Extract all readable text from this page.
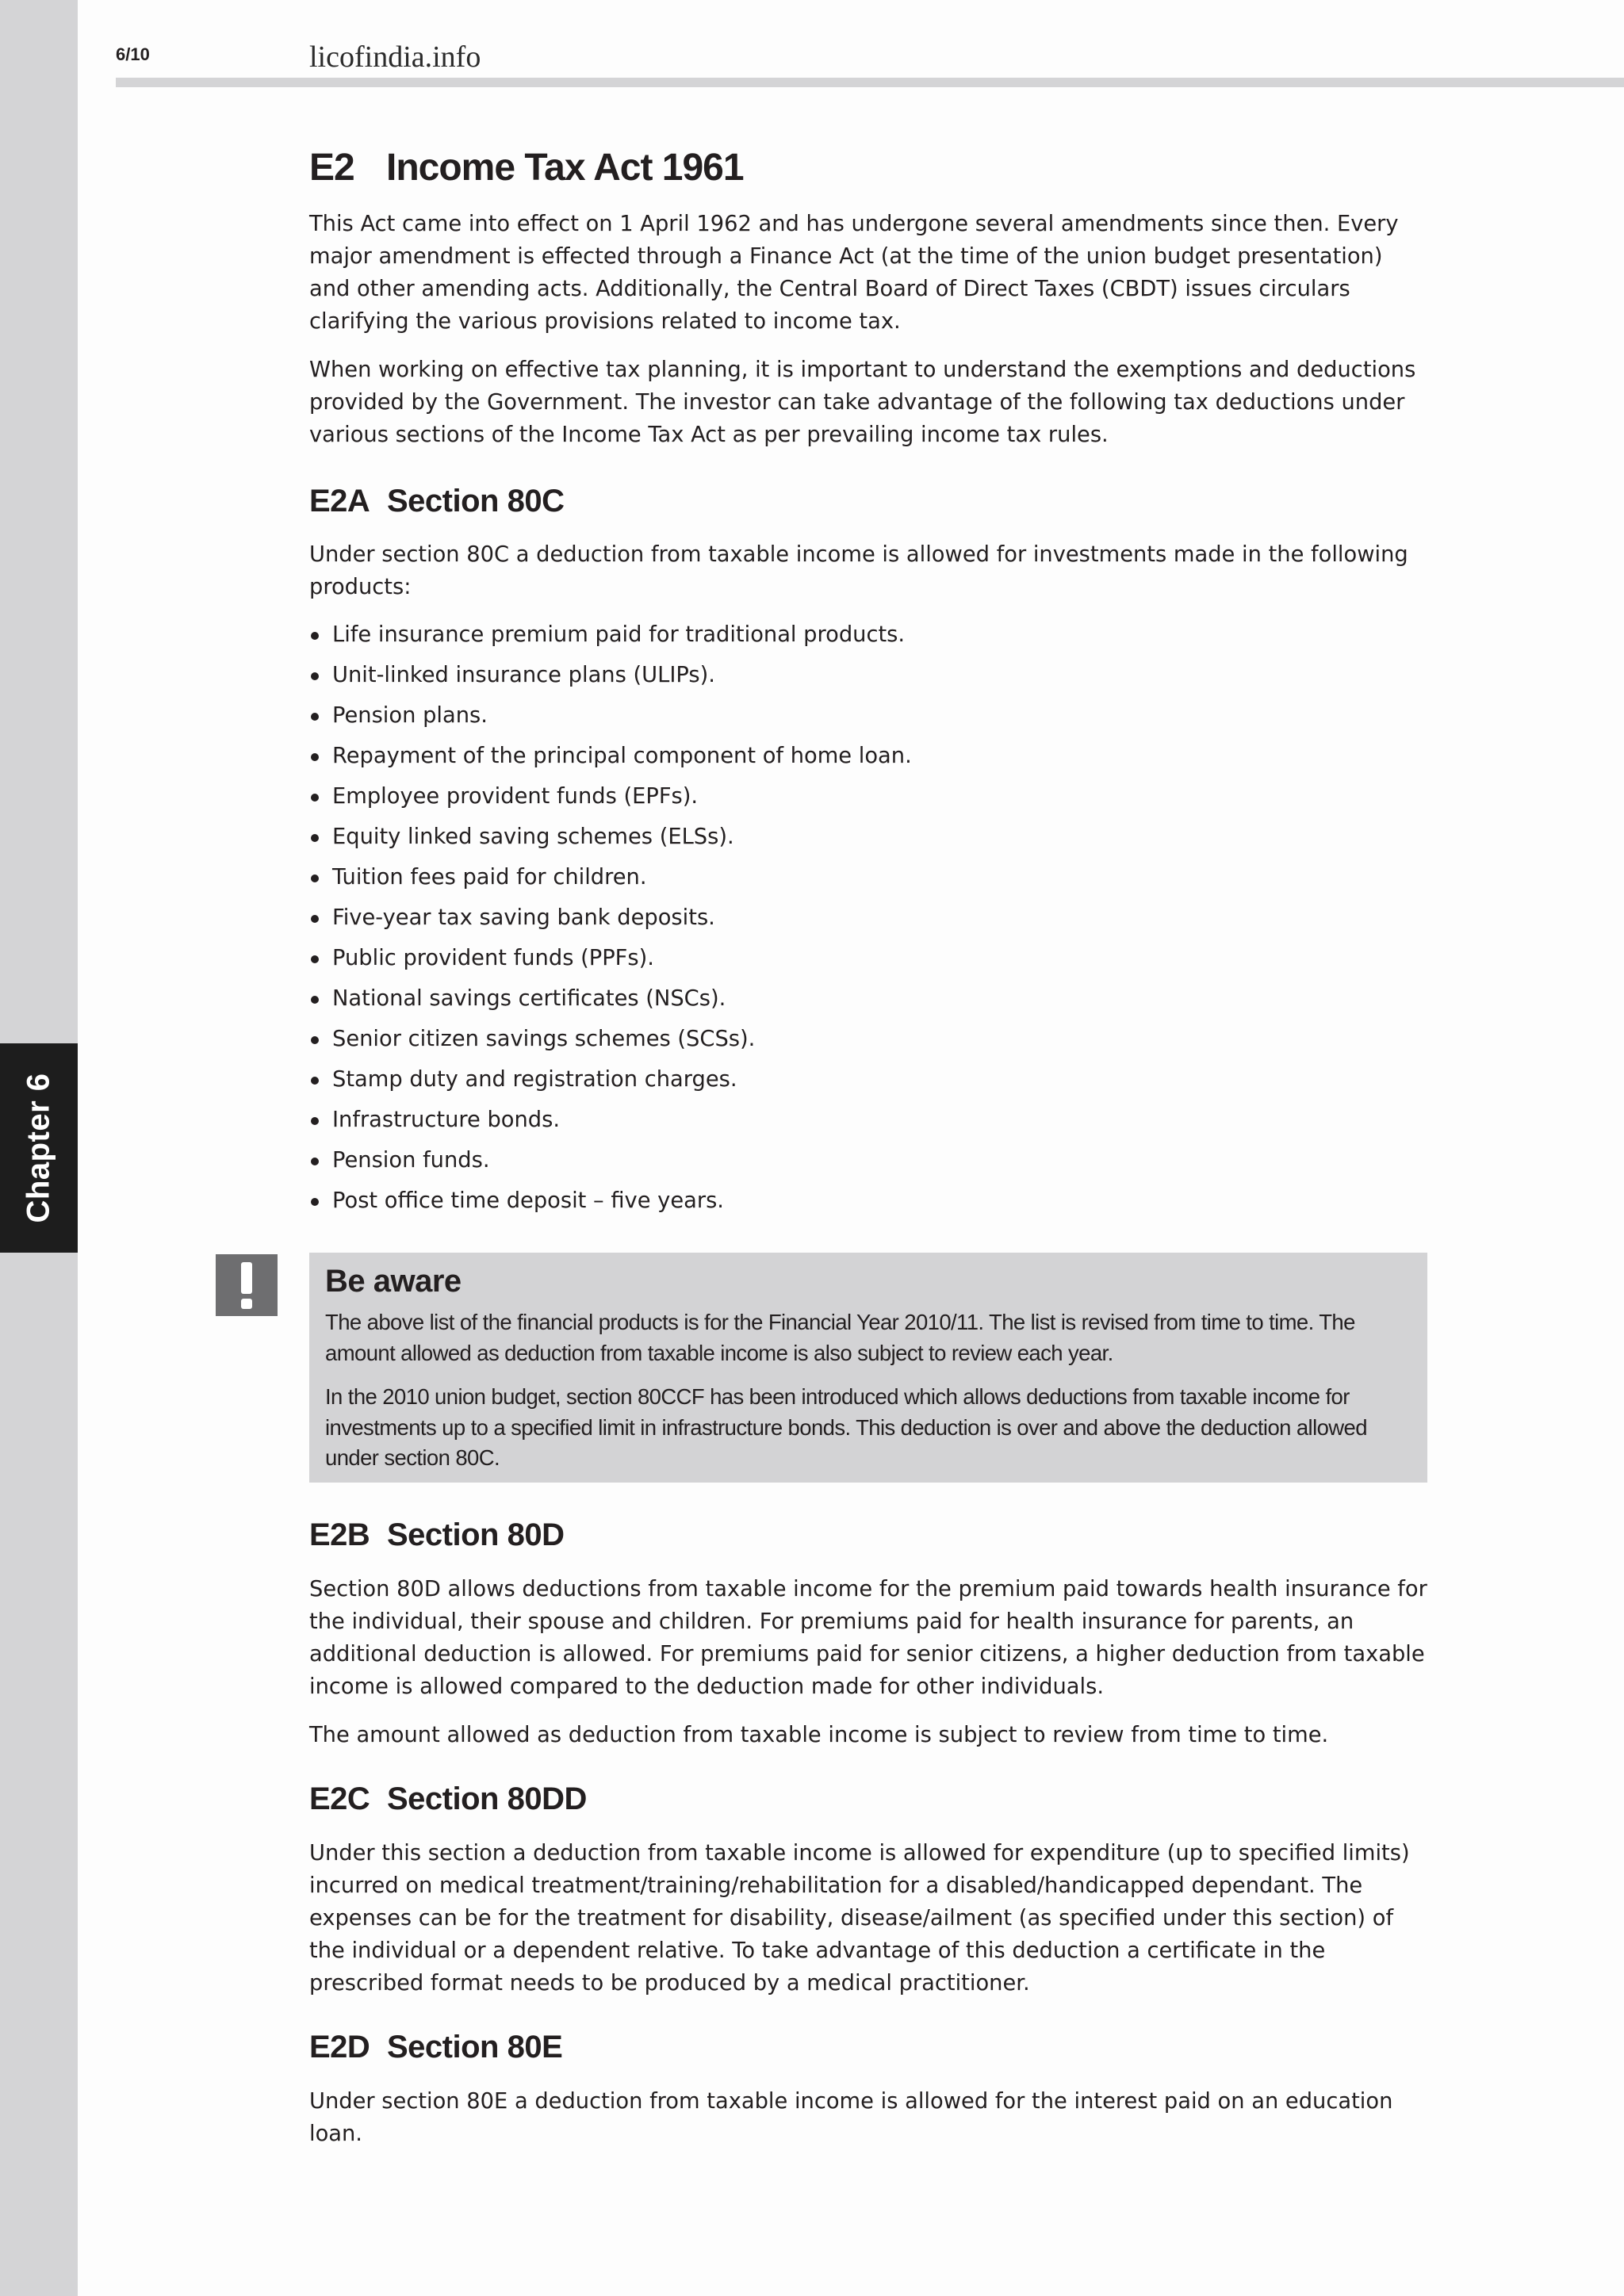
Chapter 6
6/10	licofindia.info
E2 Income Tax Act 1961

This Act came into effect on 1 April 1962 and has undergone several amendments since then. Every major amendment is effected through a Finance Act (at the time of the union budget presentation) and other amending acts. Additionally, the Central Board of Direct Taxes (CBDT) issues circulars clarifying the various provisions related to income tax.

When working on effective tax planning, it is important to understand the exemptions and deductions provided by the Government. The investor can take advantage of the following tax deductions under various sections of the Income Tax Act as per prevailing income tax rules.

E2A Section 80C

Under section 80C a deduction from taxable income is allowed for investments made in the following products:

Life insurance premium paid for traditional products.
Unit-linked insurance plans (ULIPs).
Pension plans.
Repayment of the principal component of home loan.
Employee provident funds (EPFs).
Equity linked saving schemes (ELSs).
Tuition fees paid for children.
Five-year tax saving bank deposits.
Public provident funds (PPFs).
National savings certificates (NSCs).
Senior citizen savings schemes (SCSs).
Stamp duty and registration charges.
Infrastructure bonds.
Pension funds.
Post office time deposit – five years.
E2B Section 80D

Section 80D allows deductions from taxable income for the premium paid towards health insurance for the individual, their spouse and children. For premiums paid for health insurance for parents, an additional deduction is allowed. For premiums paid for senior citizens, a higher deduction from taxable income is allowed compared to the deduction made for other individuals.

The amount allowed as deduction from taxable income is subject to review from time to time.

E2C Section 80DD

Under this section a deduction from taxable income is allowed for expenditure (up to specified limits) incurred on medical treatment/training/rehabilitation for a disabled/handicapped dependant. The expenses can be for the treatment for disability, disease/ailment (as specified under this section) of the individual or a dependent relative. To take advantage of this deduction a certificate in the prescribed format needs to be produced by a medical practitioner.

E2D Section 80E

Under section 80E a deduction from taxable income is allowed for the interest paid on an education loan.

Be aware

The above list of the financial products is for the Financial Year 2010/11. The list is revised from time to time. The amount allowed as deduction from taxable income is also subject to review each year.

In the 2010 union budget, section 80CCF has been introduced which allows deductions from taxable income for investments up to a specified limit in infrastructure bonds. This deduction is over and above the deduction allowed under section 80C.
